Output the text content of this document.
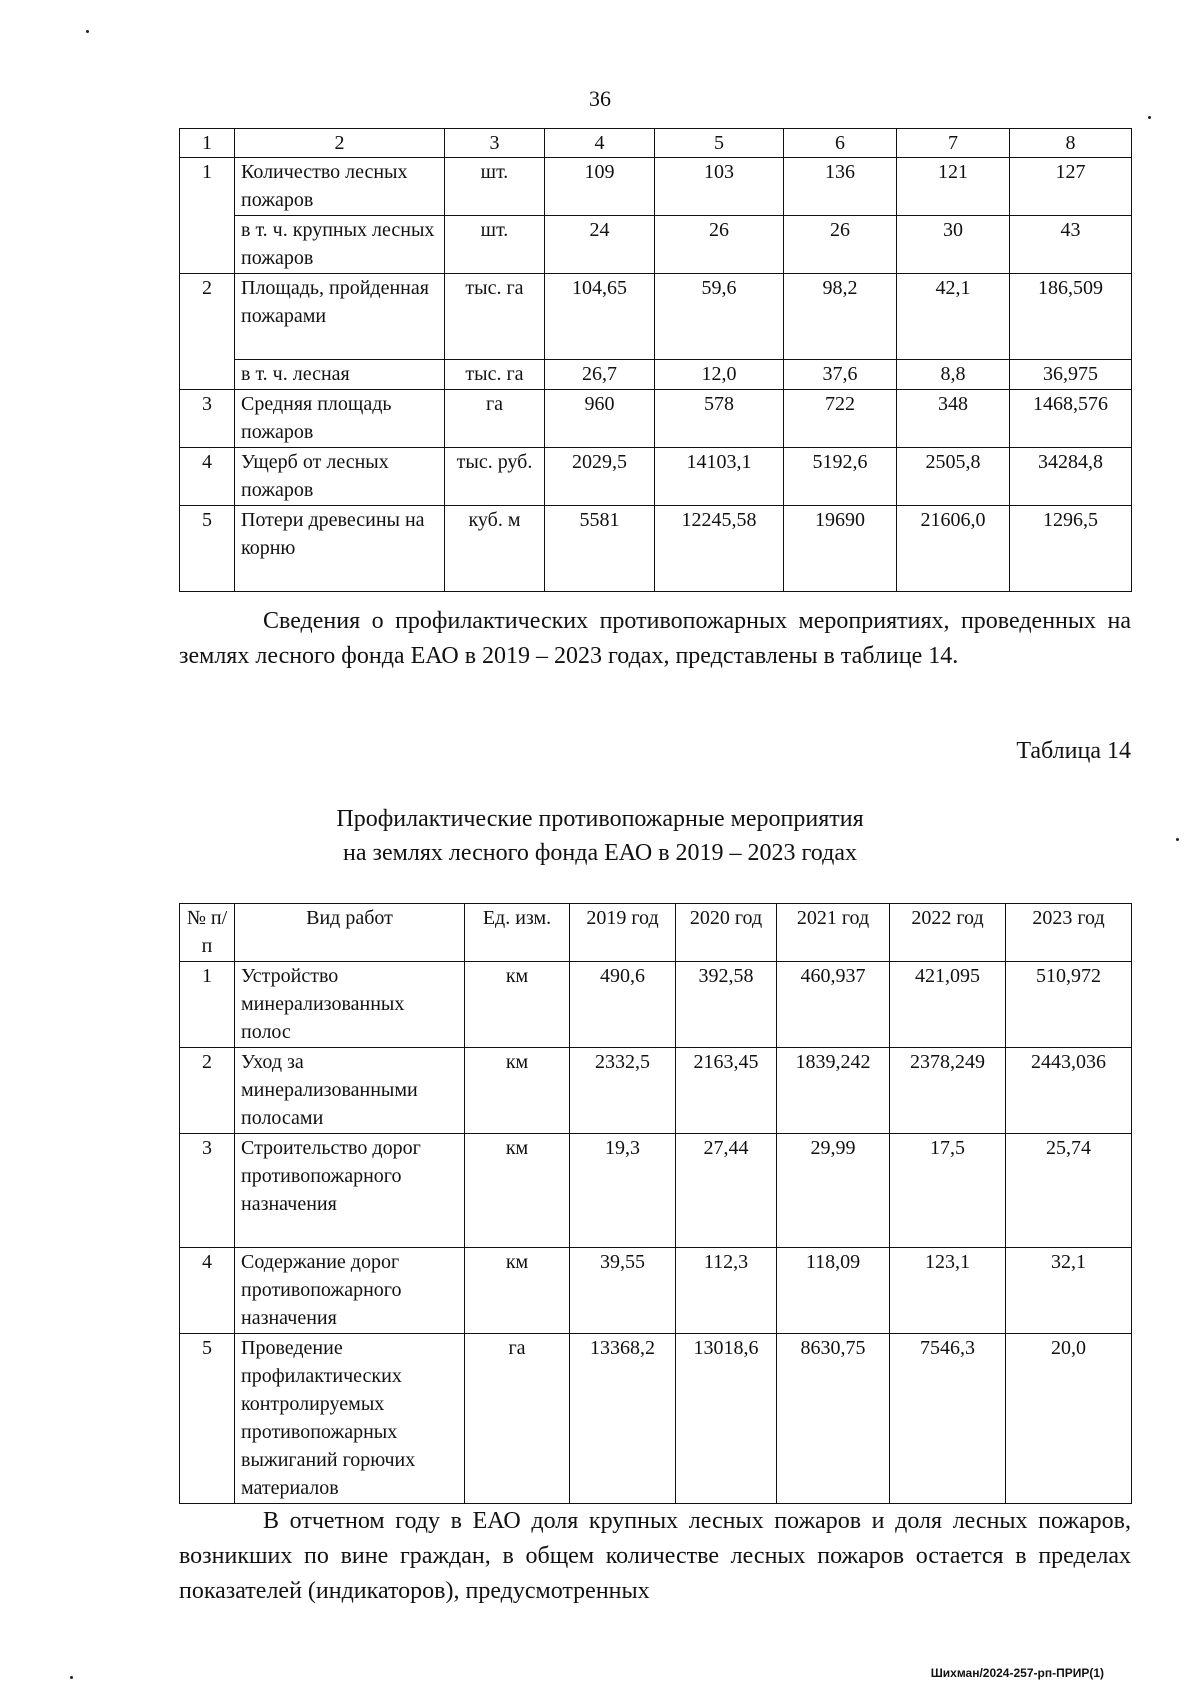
36
1	2	3	4	5	6	7	8
1	Количество лесных пожаров	шт.	109	103	136	121	127
	в т. ч. крупных лесных пожаров	шт.	24	26	26	30	43
2	Площадь, пройденная пожарами	тыс. га	104,65	59,6	98,2	42,1	186,509
	в т. ч. лесная	тыс. га	26,7	12,0	37,6	8,8	36,975
3	Средняя площадь пожаров	га	960	578	722	348	1468,576
4	Ущерб от лесных пожаров	тыс. руб.	2029,5	14103,1	5192,6	2505,8	34284,8
5	Потери древесины на корню	куб. м	5581	12245,58	19690	21606,0	1296,5
Сведения о профилактических противопожарных мероприятиях, проведенных на землях лесного фонда ЕАО в 2019 – 2023 годах, представлены в таблице 14.
Таблица 14
Профилактические противопожарные мероприятия
на землях лесного фонда ЕАО в 2019 – 2023 годах
№ п/п	Вид работ	Ед. изм.	2019 год	2020 год	2021 год	2022 год	2023 год
1	Устройство минерализованных полос	км	490,6	392,58	460,937	421,095	510,972
2	Уход за минерализованными полосами	км	2332,5	2163,45	1839,242	2378,249	2443,036
3	Строительство дорог противопожарного назначения	км	19,3	27,44	29,99	17,5	25,74
4	Содержание дорог противопожарного назначения	км	39,55	112,3	118,09	123,1	32,1
5	Проведение профилактических контролируемых противопожарных выжиганий горючих материалов	га	13368,2	13018,6	8630,75	7546,3	20,0
В отчетном году в ЕАО доля крупных лесных пожаров и доля лесных пожаров, возникших по вине граждан, в общем количестве лесных пожаров остается в пределах показателей (индикаторов), предусмотренных
Шихман/2024-257-рп-ПРИР(1)
